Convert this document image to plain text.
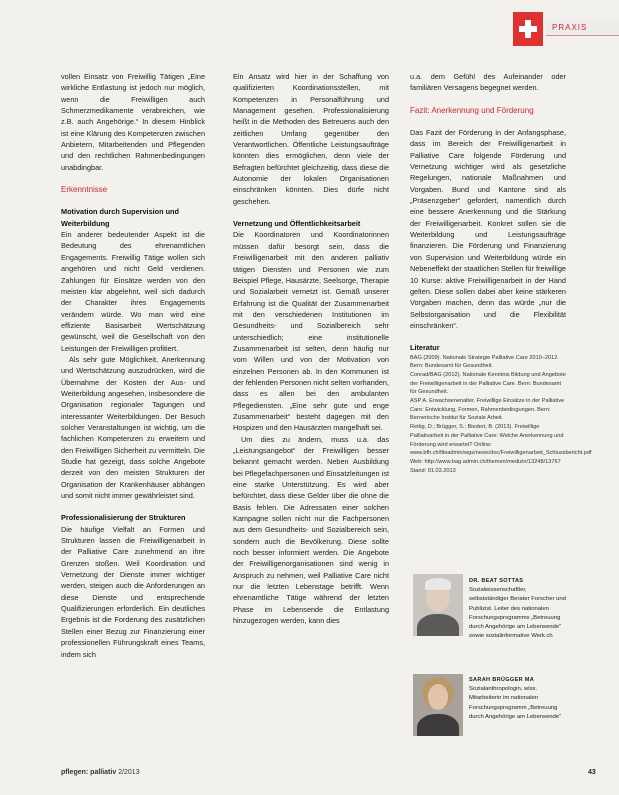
PRAXIS

vollen Einsatz von Freiwillig Tätigen „Eine wirkliche Entlastung ist jedoch nur möglich, wenn die Freiwilligen auch Schmerzmedikamente verabreichen, wie z.B. auch Angehörige.“ In diesem Hinblick ist eine Klärung des Kompetenzen zwischen Anbietern, Mitarbeitenden und Pflegenden und den rechtlichen Rahmenbedingungen unabdingbar.

Erkenntnisse

Motivation durch Supervision und Weiterbildung

Ein anderer bedeutender Aspekt ist die Bedeutung des ehrenamtlichen Engagements. Freiwillig Tätige wollen sich angehören und nicht Geld verdienen. Zahlungen für Einsätze werden von den meisten klar abgelehnt, weil sich dadurch der Charakter ihres Engagements verändern würde. Wo man wird eine effiziente Basisarbeit Wertschätzung gewünscht, weil die Gesellschaft von den Leistungen der Freiwilligen profitiert.

Als sehr gute Möglichkeit, Anerkennung und Wertschätzung auszudrücken, wird die Übernahme der Kosten der Aus- und Weiterbildung angesehen, insbesondere die Organisation regionaler Tagungen und interessanter Weiterbildungen. Der Besuch solcher Veranstaltungen ist wichtig, um die fachlichen Kompetenzen zu erweitern und den Freiwilligen Sicherheit zu vermitteln. Die Studie hat gezeigt, dass solche Angebote derzeit von den meisten Strukturen der Organisation der Krankenhäuser abhängen und somit nicht immer gewährleistet sind.

Professionalisierung der Strukturen

Die häufige Vielfalt an Formen und Strukturen lassen die Freiwilligenarbeit in der Palliative Care zunehmend an ihre Grenzen stoßen. Weil Koordination und Vernetzung der Dienste immer wichtiger werden, steigen auch die Anforderungen an diese Dienste und entsprechende Qualifizierungen erforderlich. Ein deutliches Ergebnis ist die Forderung des zusätzlichen Stellen einer Bezug zur Finanzierung einer professionellen Führungskraft eines Teams, indem sich

Ein Ansatz wird hier in der Schaffung von qualifizierten Koordinationsstellen, mit Kompetenzen in Personalführung und Management gesehen. Professionalisierung heißt in die Methoden des Betreuens auch den zeitlichen Umfang gegenüber den Verantwortlichen. Öffentliche Leistungsaufträge könnten dies ermöglichen, denn viele der Befragten befürchtet gleichzeitig, dass diese die Autonomie der lokalen Organisationen einschränken könnten. Dies dürfe nicht geschehen.

Vernetzung und Öffentlichkeitsarbeit

Die Koordinatoren und Koordinatorinnen müssen dafür besorgt sein, dass die Freiwilligenarbeit mit den anderen palliativ tätigen Diensten und Personen wie zum Beispiel Pflege, Hausärzte, Seelsorge, Therapie und Sozialarbeit vernetzt ist. Gemäß unserer Erfahrung ist die Qualität der Zusammenarbeit mit den verschiedenen Institutionen im Gesundheits- und Sozialbereich sehr unterschiedlich; eine institutionelle Zusammenarbeit ist selten, denn häufig nur vom Willen und von der Motivation von einzelnen Personen ab. In den Kommunen ist der fehlenden Personen nicht selten vorhanden, dass es allen bei den ambulanten Pflegediensten. „Eine sehr gute und enge Zusammenarbeit“ besteht dagegen mit den Hospizen und den Hausärzten mangelhaft sei.

Um dies zu ändern, muss u.a. das „Leistungsangebot“ der Freiwilligen besser bekannt gemacht werden. Neben Ausbildung bei Pflegefachpersonen und Einsatzleitungen ist eine starke Unterstützung. Es wird aber befürchtet, dass diese Gelder über die ohne die Basis fehlen. Die Adressaten einer solchen Kampagne sollen nicht nur die Fachpersonen aus dem Gesundheits- und Sozialbereich sein, sondern auch die Bevölkerung. Diese sollte noch besser informiert werden. Die Angebote der Freiwilligenorganisationen sind wenig in Anspruch zu nehmen, weil Palliative Care nicht nur die letzten Lebenstage betrifft. Wenn ehrenamtliche Tätige während der letzten Phase im Lebensende die Entlastung hinzugezogen werden, kann dies

u.a. dem Gefühl des Aufeinander oder familiären Versagens begegnet werden.

Fazit: Anerkennung und Förderung

Das Fazit der Förderung in der Anfangsphase, dass im Bereich der Freiwilligenarbeit in Palliative Care folgende Förderung und Vernetzung wichtiger wird als gesetzliche Regelungen, nationale Maßnahmen und Vorgaben. Bund und Kantone sind als „Präsenzgeber“ gefordert, namentlich durch eine bessere Anerkennung und die Stärkung der Freiwilligenarbeit. Konkret sollen sie die Weiterbildung und Leistungsaufträge finanzieren. Die Förderung und Finanzierung von Supervision und Weiterbildung würde ein Nebeneffekt der staatlichen Stellen für freiwillige 10 Kurse: aktive Freiwilligenarbeit in der Hand gelten. Diese sollen dabei aber keine stärkeren Vorgaben machen, denn das würde „nur die Selbstorganisation und die Flexibilität einschränken“.

Literatur

BAG (2009). Nationale Strategie Palliative Care 2010–2012. Bern: Bundesamt für Gesundheit.

Conrad/BAG (2012). Nationale Kenntnis Bildung und Angebote der Freiwilligenarbeit in der Palliative Care. Bern: Bundesamt für Gesundheit.

ASP A. Erwachsenenalter. Freiwillige Einsätze in der Palliative Care: Entwicklung, Formen, Rahmenbedingungen. Bern: Bernerische Institut für Soziale Arbeit.

Rettig, D.; Brügger, S.; Biedert, B. (2013). Freiwillige Palliativarbeit in der Palliative Care: Welche Anerkennung und Förderung wird erwartet? Online: www.bfh.ch/fileadmin/wgs/news/doc/Freiwilligenarbeit_Schlussbericht.pdf

Web: http://www.bag.admin.ch/themen/medizin/13248/13767 Stand: 01.03.2013

DR. BEAT SOTTAS
Sozialwissenschaftler, selbstständiger Berater Forscher und Publizist. Leiter des nationalen Forschungsprogramms „Betreuung durch Angehörige am Lebensende“ sowie sozialinformative Werk.ch
SARAH BRÜGGER MA
Sozialanthropologin, wiss. Mitarbeiterin im nationalen Forschungsprogramm „Betreuung durch Angehörige am Lebensende“
pflegen: palliativ 2/2013	43
